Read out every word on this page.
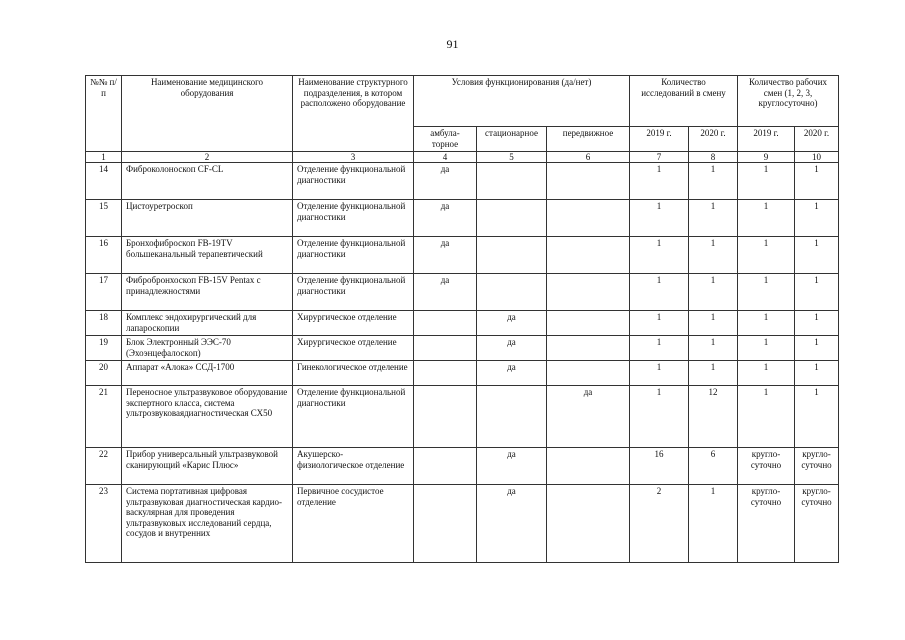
91
№№ п/п	Наименование медицинского оборудования	Наименование структурного подразделения, в котором расположено оборудование	Условия функционирования (да/нет)			Количество исследований в смену		Количество рабочих смен (1, 2, 3, круглосуточно)	
			амбула-торное	стационарное	передвижное	2019 г.	2020 г.	2019 г.	2020 г.
1	2	3	4	5	6	7	8	9	10
14	Фиброколоноскоп CF-CL	Отделение функциональной диагностики	да			1	1	1	1
15	Цистоуретроскоп	Отделение функциональной диагностики	да			1	1	1	1
16	Бронхофиброскоп FB-19TV большеканальный терапевтический	Отделение функциональной диагностики	да			1	1	1	1
17	Фибробронхоскоп FB-15V Pentax с принадлежностями	Отделение функциональной диагностики	да			1	1	1	1
18	Комплекс эндохирургический для лапароскопии	Хирургическое отделение		да		1	1	1	1
19	Блок Электронный ЭЭС-70 (Эхоэнцефалоскоп)	Хирургическое отделение		да		1	1	1	1
20	Аппарат «Алока» ССД-1700	Гинекологическое отделение		да		1	1	1	1
21	Переносное ультразвуковое оборудование экспертного класса, система ультрозвуковаядиагностическая СХ50	Отделение функциональной диагностики			да	1	12	1	1
22	Прибор универсальный ультразвуковой сканирующий «Карис Плюс»	Акушерско-физиологическое отделение		да		16	6	кругло-суточно	кругло-суточно
23	Система портативная цифровая ультразвуковая диагностическая кардио-васкулярная для проведения ультразвуковых исследований сердца, сосудов и внутренних	Первичное сосудистое отделение		да		2	1	кругло-суточно	кругло-суточно
